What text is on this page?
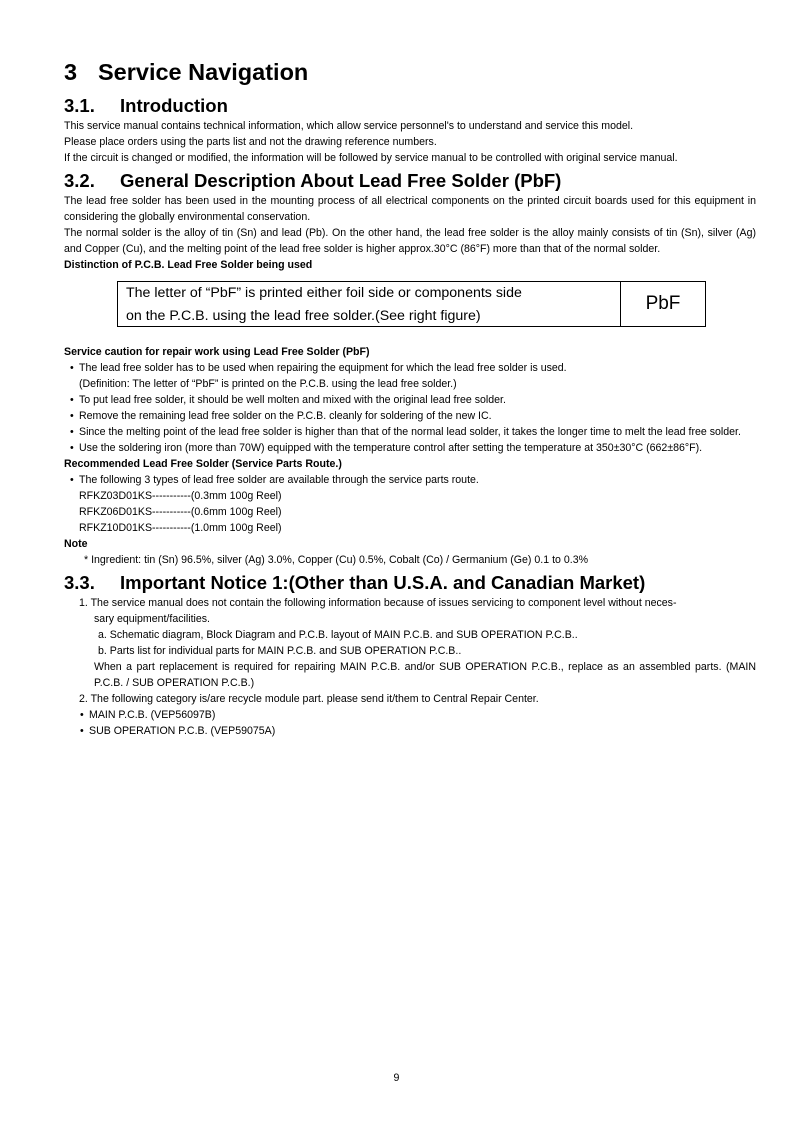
3 Service Navigation
3.1. Introduction

This service manual contains technical information, which allow service personnel's to understand and service this model.

Please place orders using the parts list and not the drawing reference numbers.

If the circuit is changed or modified, the information will be followed by service manual to be controlled with original service manual.

3.2. General Description About Lead Free Solder (PbF)

The lead free solder has been used in the mounting process of all electrical components on the printed circuit boards used for this equipment in considering the globally environmental conservation.

The normal solder is the alloy of tin (Sn) and lead (Pb). On the other hand, the lead free solder is the alloy mainly consists of tin (Sn), silver (Ag) and Copper (Cu), and the melting point of the lead free solder is higher approx.30°C (86°F) more than that of the normal solder.

Distinction of P.C.B. Lead Free Solder being used

The letter of “PbF” is printed either foil side or components side
on the P.C.B. using the lead free solder.(See right figure)
PbF

Service caution for repair work using Lead Free Solder (PbF)

• The lead free solder has to be used when repairing the equipment for which the lead free solder is used.

(Definition: The letter of “PbF” is printed on the P.C.B. using the lead free solder.)

• To put lead free solder, it should be well molten and mixed with the original lead free solder.

• Remove the remaining lead free solder on the P.C.B. cleanly for soldering of the new IC.

• Since the melting point of the lead free solder is higher than that of the normal lead solder, it takes the longer time to melt the lead free solder.

• Use the soldering iron (more than 70W) equipped with the temperature control after setting the temperature at 350±30°C (662±86°F).

Recommended Lead Free Solder (Service Parts Route.)

• The following 3 types of lead free solder are available through the service parts route.

RFKZ03D01KS-----------(0.3mm 100g Reel)

RFKZ06D01KS-----------(0.6mm 100g Reel)

RFKZ10D01KS-----------(1.0mm 100g Reel)

Note

* Ingredient: tin (Sn) 96.5%, silver (Ag) 3.0%, Copper (Cu) 0.5%, Cobalt (Co) / Germanium (Ge) 0.1 to 0.3%

3.3. Important Notice 1:(Other than U.S.A. and Canadian Market)

1. The service manual does not contain the following information because of issues servicing to component level without neces-

sary equipment/facilities.

a. Schematic diagram, Block Diagram and P.C.B. layout of MAIN P.C.B. and SUB OPERATION P.C.B..

b. Parts list for individual parts for MAIN P.C.B. and SUB OPERATION P.C.B..

When a part replacement is required for repairing MAIN P.C.B. and/or SUB OPERATION P.C.B., replace as an assembled parts. (MAIN P.C.B. / SUB OPERATION P.C.B.)

2. The following category is/are recycle module part. please send it/them to Central Repair Center.

• MAIN P.C.B. (VEP56097B)

• SUB OPERATION P.C.B. (VEP59075A)

9
